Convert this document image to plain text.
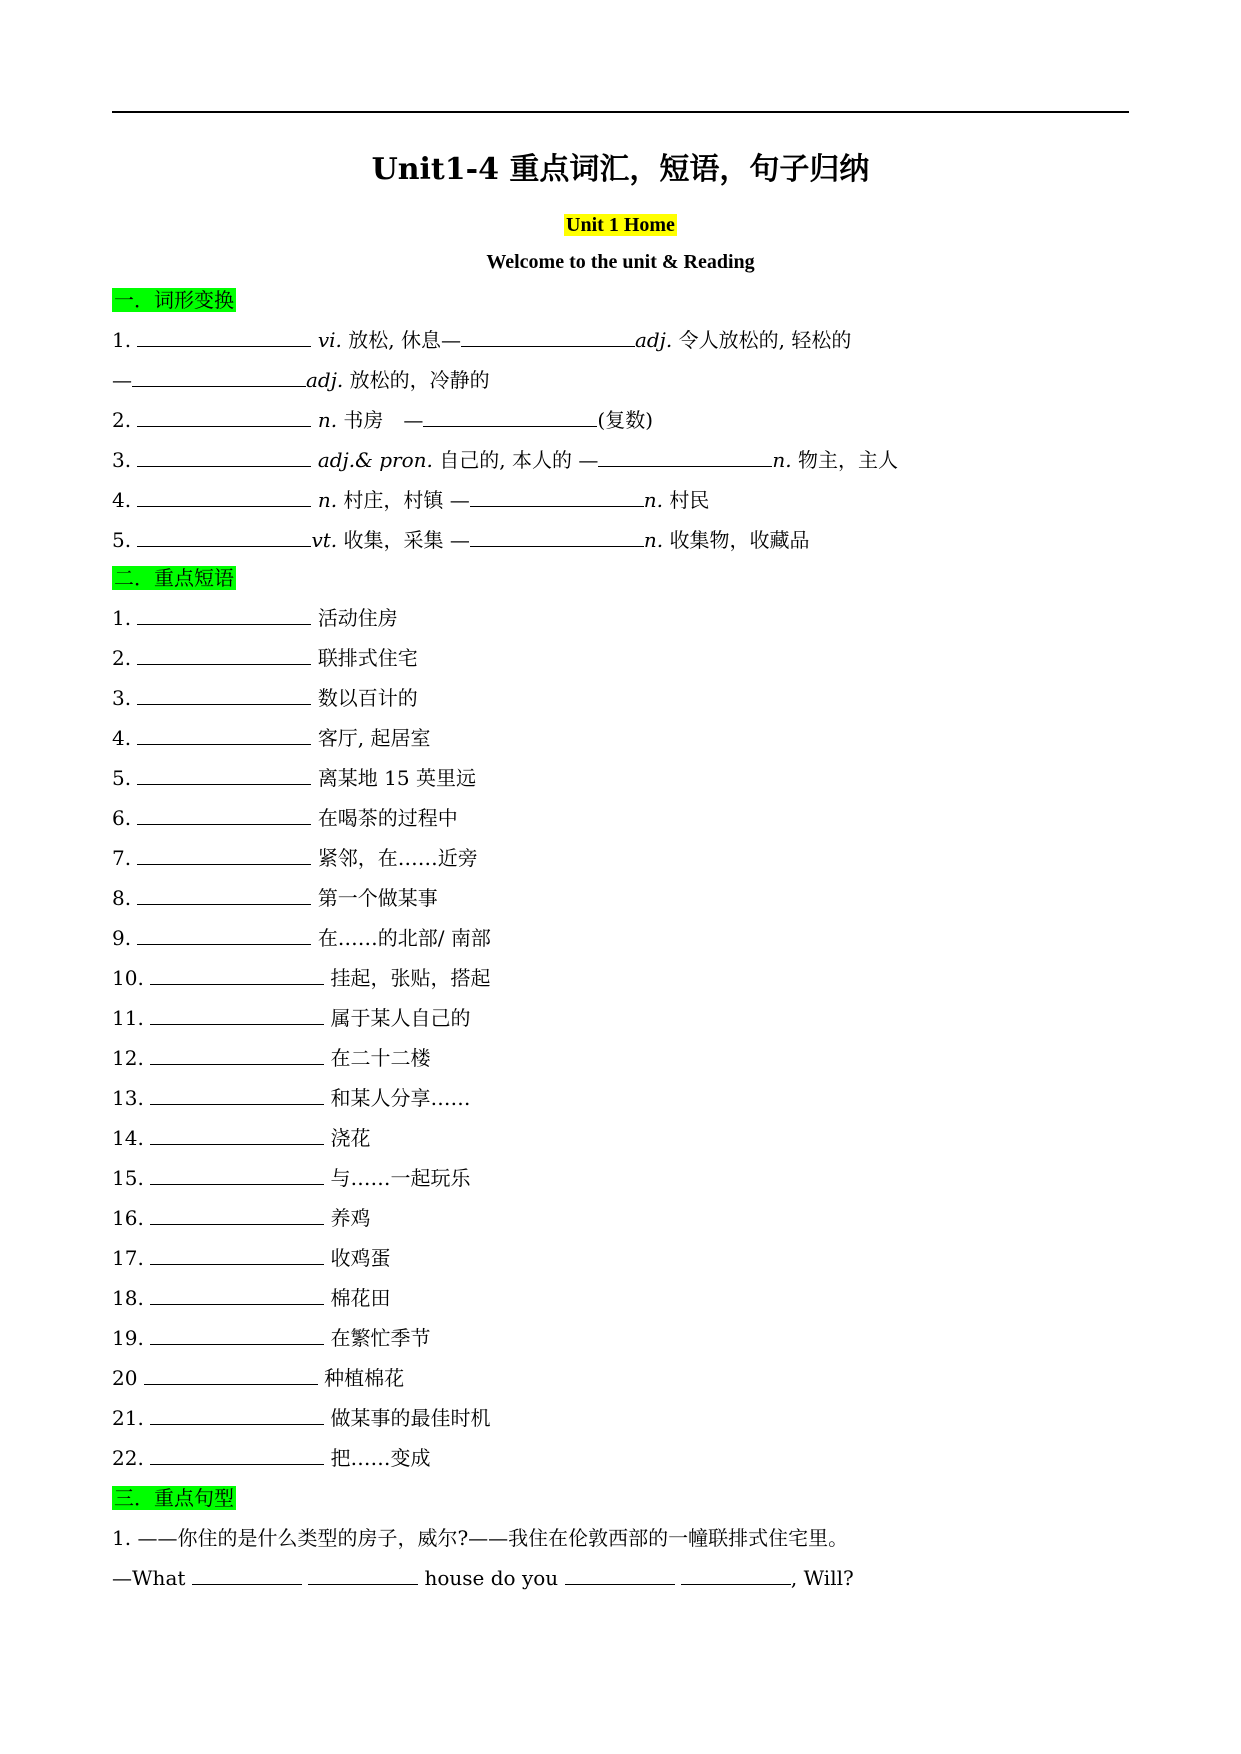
Unit1-4 重点词汇，短语，句子归纳
Unit 1 Home
Welcome to the unit & Reading
一．词形变换
1.	vi. 放松, 休息—	adj. 令人放松的, 轻松的
—	adj. 放松的，冷静的
2.	n. 书房　—	(复数)
3.	adj.& pron. 自己的, 本人的 —	n. 物主，主人
4.	n. 村庄，村镇 —	n. 村民
5.	vt. 收集，采集 —	n. 收集物，收藏品
二．重点短语
1.	活动住房
2.	联排式住宅
3.	数以百计的
4.	客厅, 起居室
5.	离某地 15 英里远
6.	在喝茶的过程中
7.	紧邻，在……近旁
8.	第一个做某事
9.	在……的北部/ 南部
10.	挂起，张贴，搭起
11.	属于某人自己的
12.	在二十二楼
13.	和某人分享……
14.	浇花
15.	与……一起玩乐
16.	养鸡
17.	收鸡蛋
18.	棉花田
19.	在繁忙季节
20	种植棉花
21.	做某事的最佳时机
22.	把……变成
三．重点句型
1. ——你住的是什么类型的房子，威尔?——我住在伦敦西部的一幢联排式住宅里。
—What	house do you	, Will?
